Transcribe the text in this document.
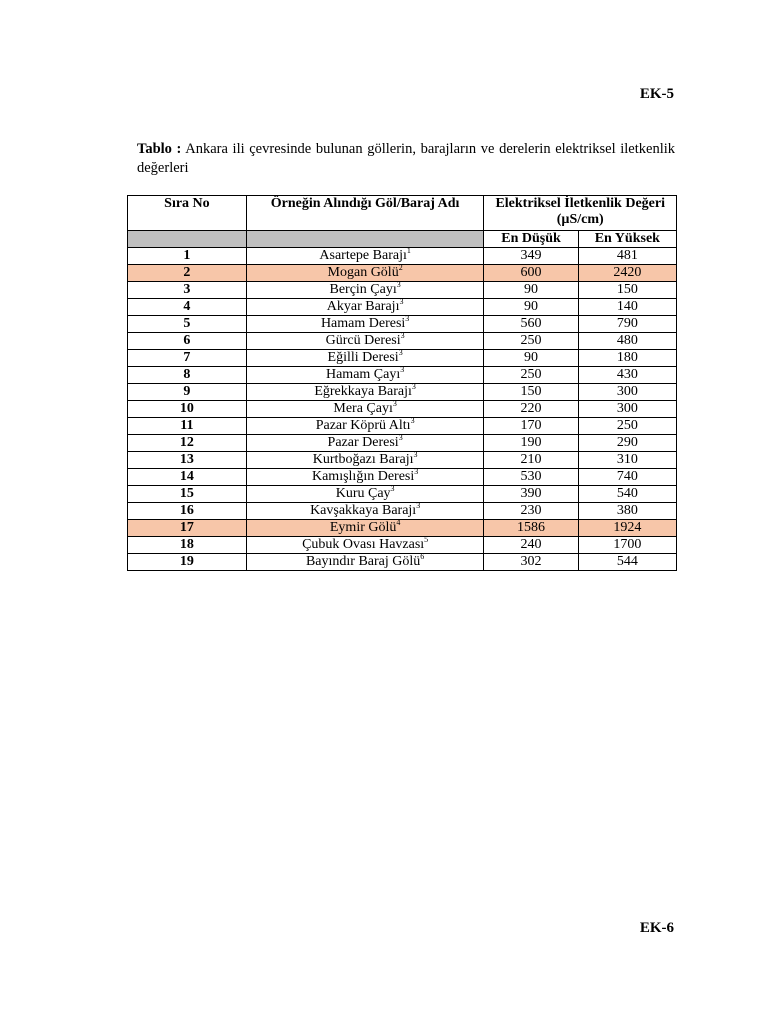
EK-5
Tablo : Ankara ili çevresinde bulunan göllerin, barajların ve derelerin elektriksel iletkenlik değerleri
Sıra No	Örneğin Alındığı Göl/Baraj Adı	Elektriksel İletkenlik Değeri (µS/cm)	
		En Düşük	En Yüksek
1	Asartepe Barajı$^1$	349	481
2	Mogan Gölü$^2$	600	2420
3	Berçin Çayı$^3$	90	150
4	Akyar Barajı$^3$	90	140
5	Hamam Deresi$^3$	560	790
6	Gürcü Deresi$^3$	250	480
7	Eğilli Deresi$^3$	90	180
8	Hamam Çayı$^3$	250	430
9	Eğrekkaya Barajı$^3$	150	300
10	Mera Çayı$^3$	220	300
11	Pazar Köprü Altı$^3$	170	250
12	Pazar Deresi$^3$	190	290
13	Kurtboğazı Barajı$^3$	210	310
14	Kamışlığın Deresi$^3$	530	740
15	Kuru Çay$^3$	390	540
16	Kavşakkaya Barajı$^3$	230	380
17	Eymir Gölü$^4$	1586	1924
18	Çubuk Ovası Havzası$^5$	240	1700
19	Bayındır Baraj Gölü$^6$	302	544
EK-6
